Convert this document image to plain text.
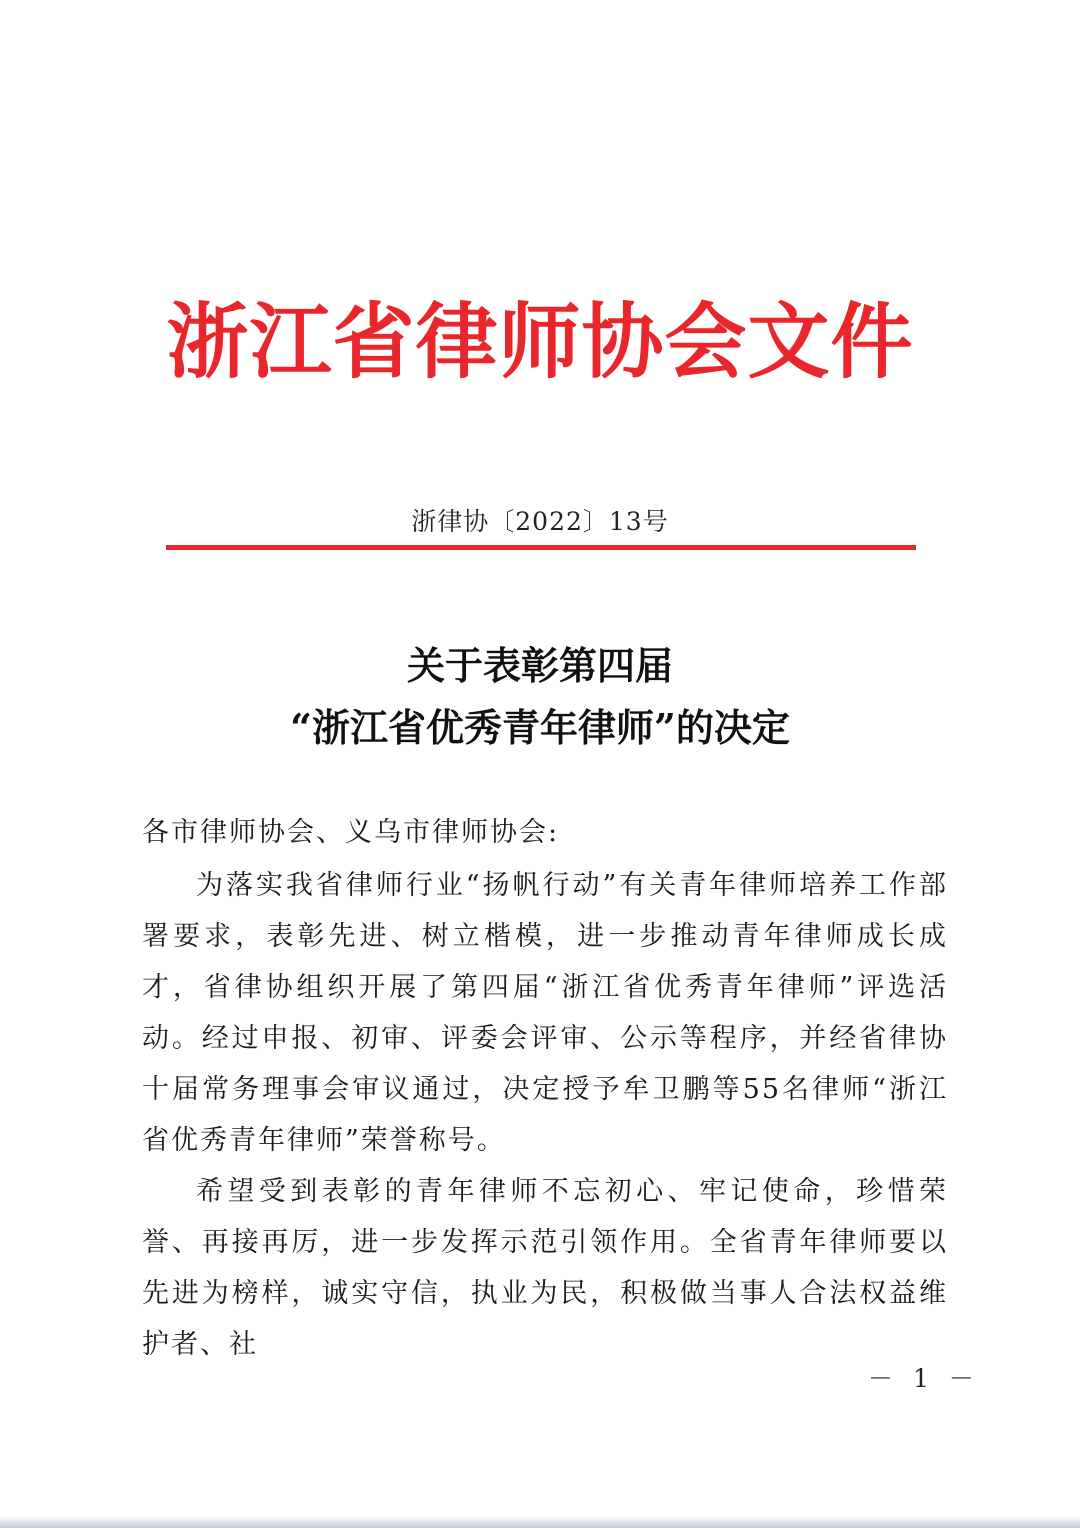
浙江省律师协会文件
浙律协〔2022〕13号
关于表彰第四届
“浙江省优秀青年律师”的决定
各市律师协会、义乌市律师协会:

为落实我省律师行业“扬帆行动”有关青年律师培养工作部署要求，表彰先进、树立楷模，进一步推动青年律师成长成才，省律协组织开展了第四届“浙江省优秀青年律师”评选活动。经过申报、初审、评委会评审、公示等程序，并经省律协十届常务理事会审议通过，决定授予牟卫鹏等55名律师“浙江省优秀青年律师”荣誉称号。

希望受到表彰的青年律师不忘初心、牢记使命，珍惜荣誉、再接再厉，进一步发挥示范引领作用。全省青年律师要以先进为榜样，诚实守信，执业为民，积极做当事人合法权益维护者、社

－ 1 －
